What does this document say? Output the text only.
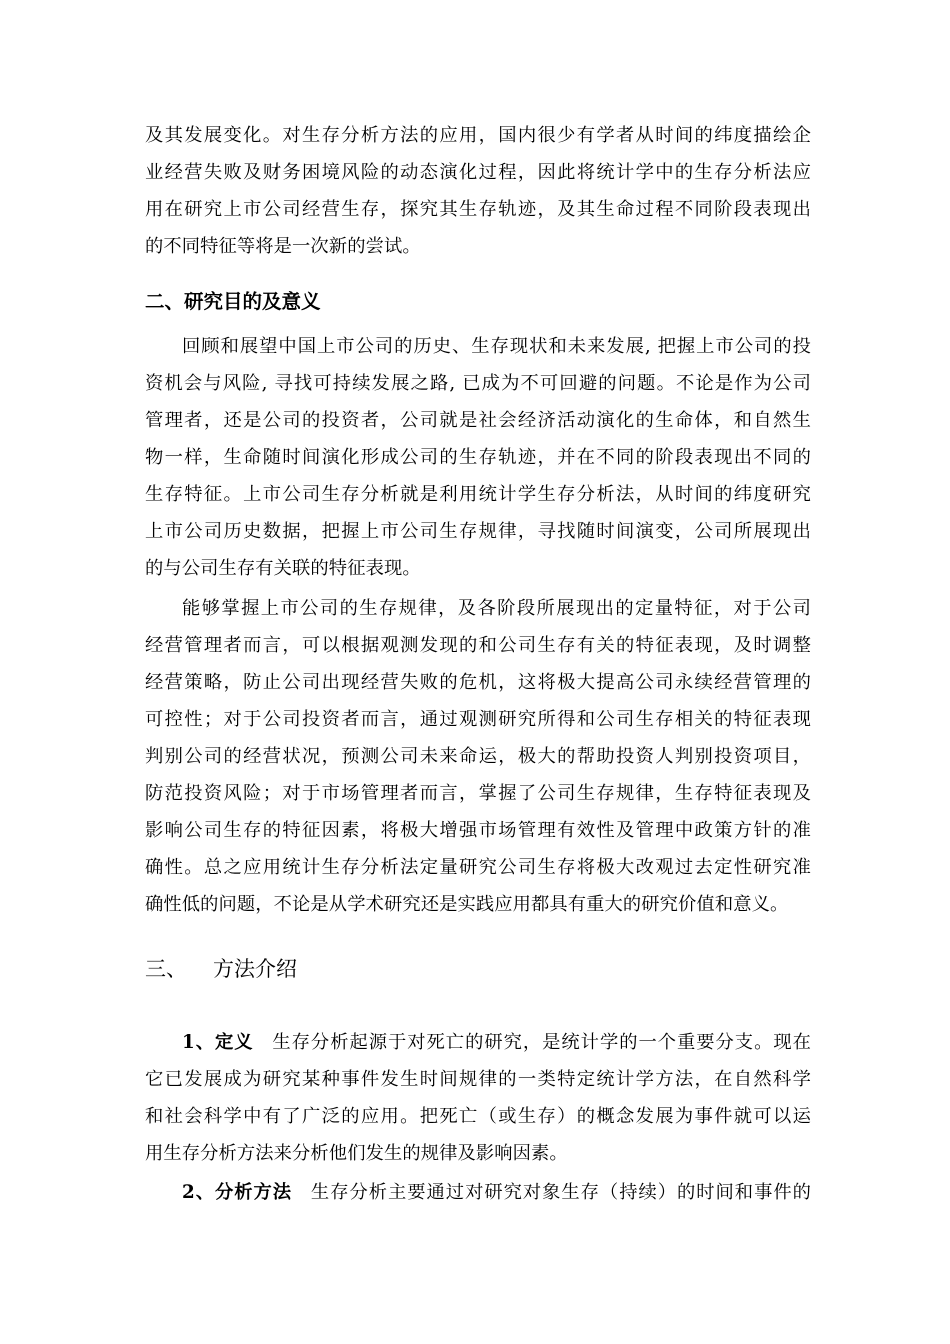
及其发展变化。对生存分析方法的应用，国内很少有学者从时间的纬度描绘企
业经营失败及财务困境风险的动态演化过程，因此将统计学中的生存分析法应
用在研究上市公司经营生存，探究其生存轨迹，及其生命过程不同阶段表现出
的不同特征等将是一次新的尝试。
二、研究目的及意义
回顾和展望中国上市公司的历史、生存现状和未来发展, 把握上市公司的投
资机会与风险, 寻找可持续发展之路, 已成为不可回避的问题。不论是作为公司
管理者，还是公司的投资者，公司就是社会经济活动演化的生命体，和自然生
物一样，生命随时间演化形成公司的生存轨迹，并在不同的阶段表现出不同的
生存特征。上市公司生存分析就是利用统计学生存分析法，从时间的纬度研究
上市公司历史数据，把握上市公司生存规律，寻找随时间演变，公司所展现出
的与公司生存有关联的特征表现。
能够掌握上市公司的生存规律，及各阶段所展现出的定量特征，对于公司
经营管理者而言，可以根据观测发现的和公司生存有关的特征表现，及时调整
经营策略，防止公司出现经营失败的危机，这将极大提高公司永续经营管理的
可控性；对于公司投资者而言，通过观测研究所得和公司生存相关的特征表现
判别公司的经营状况，预测公司未来命运，极大的帮助投资人判别投资项目，
防范投资风险；对于市场管理者而言，掌握了公司生存规律，生存特征表现及
影响公司生存的特征因素，将极大增强市场管理有效性及管理中政策方针的准
确性。总之应用统计生存分析法定量研究公司生存将极大改观过去定性研究准
确性低的问题，不论是从学术研究还是实践应用都具有重大的研究价值和意义。
三、 方法介绍
1、定义 生存分析起源于对死亡的研究，是统计学的一个重要分支。现在
它已发展成为研究某种事件发生时间规律的一类特定统计学方法，在自然科学
和社会科学中有了广泛的应用。把死亡（或生存）的概念发展为事件就可以运
用生存分析方法来分析他们发生的规律及影响因素。
2、分析方法 生存分析主要通过对研究对象生存（持续）的时间和事件的
